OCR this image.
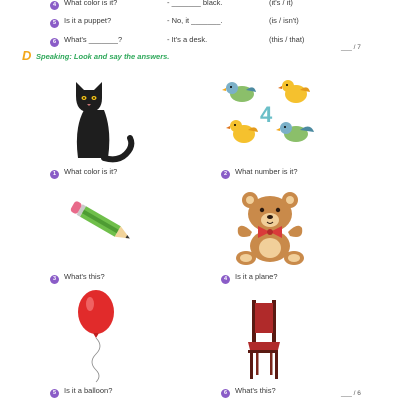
4	What color is it?	- _______ black.	(it's / it)
5	Is it a puppet?	- No, it _______.	(is / isn't)
6	What's _______?	- It's a desk.	(this / that)
___ / 7
D Speaking: Look and say the answers.
1	What color is it?
4
2	What number is it?
3	What's this?	4	Is it a plane?
5	Is it a balloon?	6	What's this?	___ / 6
